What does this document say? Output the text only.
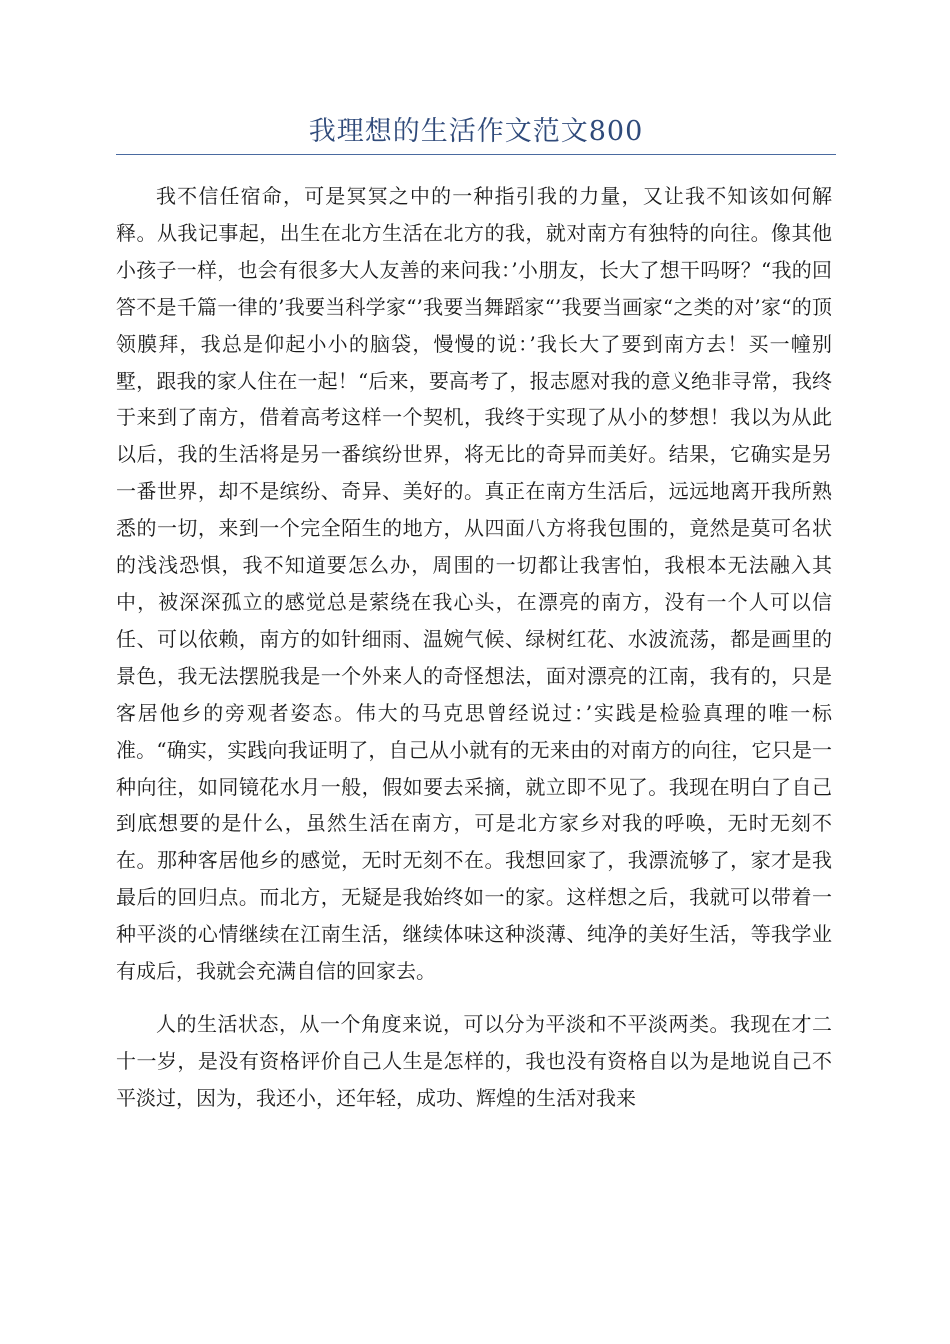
我理想的生活作文范文800

我不信任宿命，可是冥冥之中的一种指引我的力量，又让我不知该如何解释。从我记事起，出生在北方生活在北方的我，就对南方有独特的向往。像其他小孩子一样，也会有很多大人友善的来问我：’小朋友，长大了想干吗呀？“我的回答不是千篇一律的’我要当科学家“’我要当舞蹈家“’我要当画家“之类的对’家“的顶领膜拜，我总是仰起小小的脑袋，慢慢的说：’我长大了要到南方去！买一幢别墅，跟我的家人住在一起！“后来，要高考了，报志愿对我的意义绝非寻常，我终于来到了南方，借着高考这样一个契机，我终于实现了从小的梦想！我以为从此以后，我的生活将是另一番缤纷世界，将无比的奇异而美好。结果，它确实是另一番世界，却不是缤纷、奇异、美好的。真正在南方生活后，远远地离开我所熟悉的一切，来到一个完全陌生的地方，从四面八方将我包围的，竟然是莫可名状的浅浅恐惧，我不知道要怎么办，周围的一切都让我害怕，我根本无法融入其中，被深深孤立的感觉总是萦绕在我心头，在漂亮的南方，没有一个人可以信任、可以依赖，南方的如针细雨、温婉气候、绿树红花、水波流荡，都是画里的景色，我无法摆脱我是一个外来人的奇怪想法，面对漂亮的江南，我有的，只是客居他乡的旁观者姿态。伟大的马克思曾经说过：’实践是检验真理的唯一标准。“确实，实践向我证明了，自己从小就有的无来由的对南方的向往，它只是一种向往，如同镜花水月一般，假如要去采摘，就立即不见了。我现在明白了自己到底想要的是什么，虽然生活在南方，可是北方家乡对我的呼唤，无时无刻不在。那种客居他乡的感觉，无时无刻不在。我想回家了，我漂流够了，家才是我最后的回归点。而北方，无疑是我始终如一的家。这样想之后，我就可以带着一种平淡的心情继续在江南生活，继续体味这种淡薄、纯净的美好生活，等我学业有成后，我就会充满自信的回家去。

人的生活状态，从一个角度来说，可以分为平淡和不平淡两类。我现在才二十一岁，是没有资格评价自己人生是怎样的，我也没有资格自以为是地说自己不平淡过，因为，我还小，还年轻，成功、辉煌的生活对我来
